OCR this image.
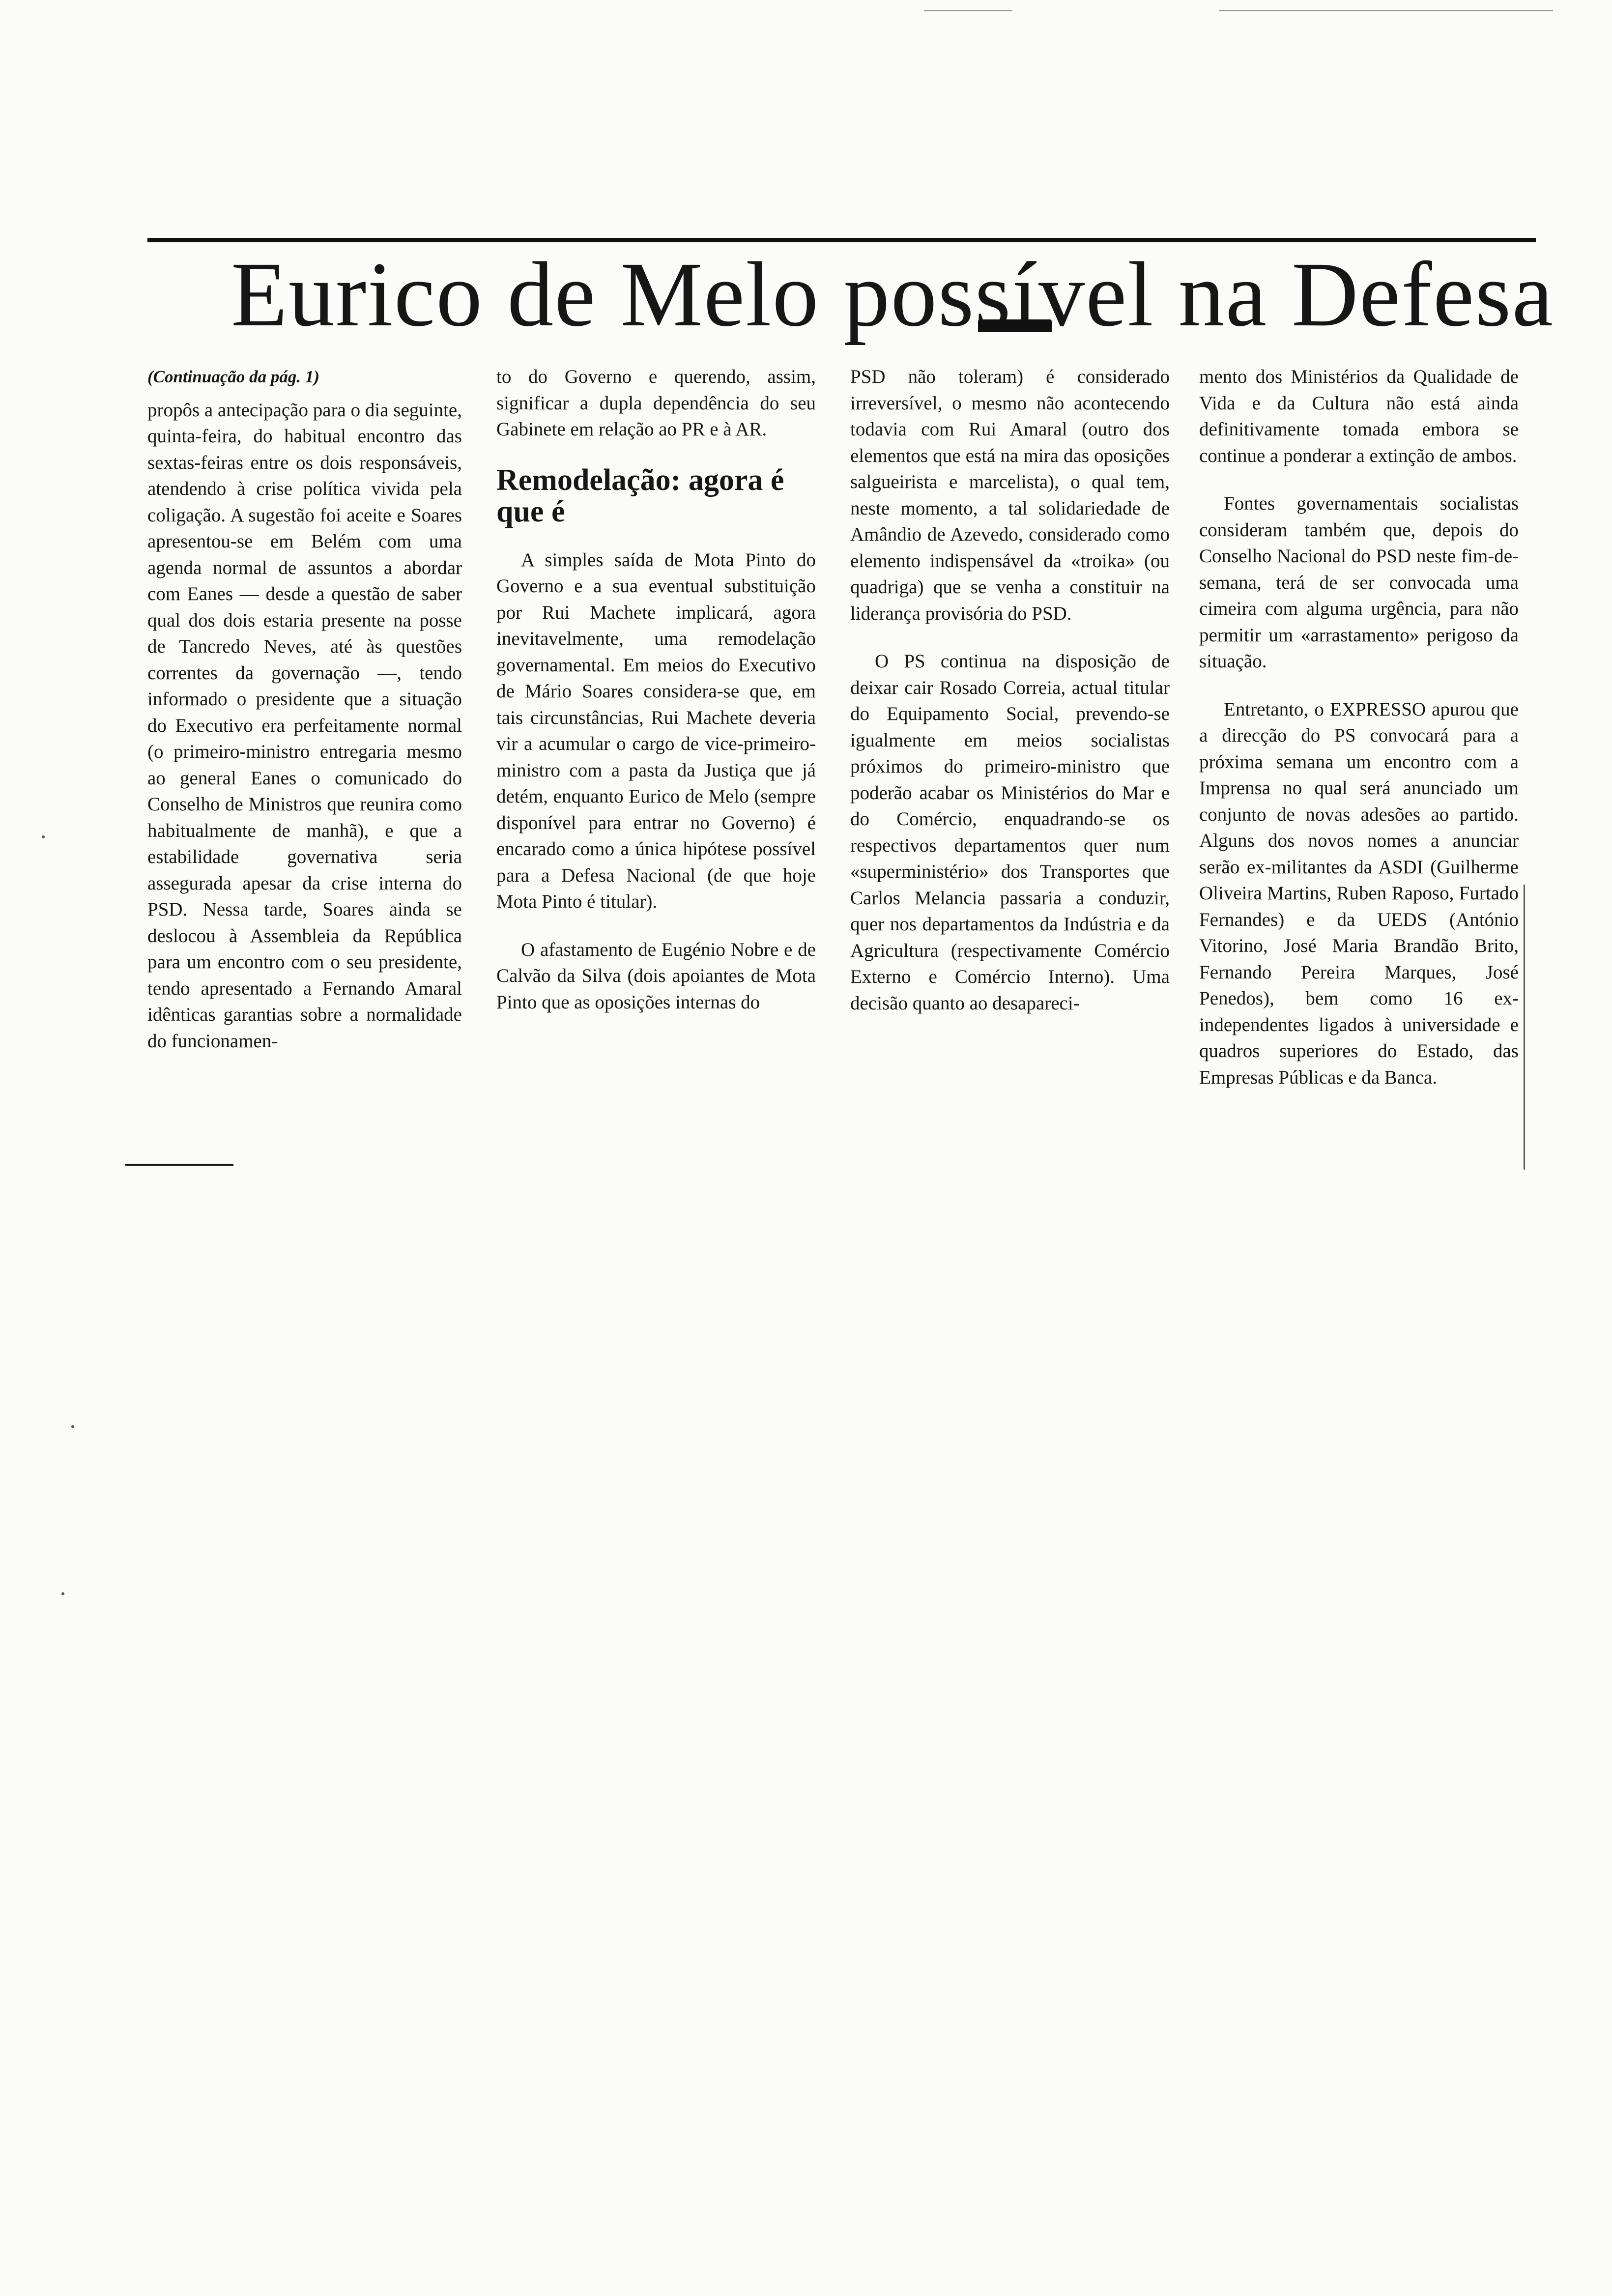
Eurico de Melo possível na Defesa
(Continuação da pág. 1)

propôs a antecipação para o dia seguinte, quinta-feira, do habitual encontro das sextas-feiras entre os dois responsáveis, atendendo à crise política vivida pela coligação. A sugestão foi aceite e Soares apresentou-se em Belém com uma agenda normal de assuntos a abordar com Eanes — desde a questão de saber qual dos dois estaria presente na posse de Tancredo Neves, até às questões correntes da governação —, tendo informado o presidente que a situação do Executivo era perfeitamente normal (o primeiro-ministro entregaria mesmo ao general Eanes o comunicado do Conselho de Ministros que reunira como habitualmente de manhã), e que a estabilidade governativa seria assegurada apesar da crise interna do PSD. Nessa tarde, Soares ainda se deslocou à Assembleia da República para um encontro com o seu presidente, tendo apresentado a Fernando Amaral idênticas garantias sobre a normalidade do funcionamen-

to do Governo e querendo, assim, significar a dupla dependência do seu Gabinete em relação ao PR e à AR.

Remodelação: agora é que é

A simples saída de Mota Pinto do Governo e a sua eventual substituição por Rui Machete implicará, agora inevitavelmente, uma remodelação governamental. Em meios do Executivo de Mário Soares considera-se que, em tais circunstâncias, Rui Machete deveria vir a acumular o cargo de vice-primeiro-ministro com a pasta da Justiça que já detém, enquanto Eurico de Melo (sempre disponível para entrar no Governo) é encarado como a única hipótese possível para a Defesa Nacional (de que hoje Mota Pinto é titular).

O afastamento de Eugénio Nobre e de Calvão da Silva (dois apoiantes de Mota Pinto que as oposições internas do

PSD não toleram) é considerado irreversível, o mesmo não acontecendo todavia com Rui Amaral (outro dos elementos que está na mira das oposições salgueirista e marcelista), o qual tem, neste momento, a tal solidariedade de Amândio de Azevedo, considerado como elemento indispensável da «troika» (ou quadriga) que se venha a constituir na liderança provisória do PSD.

O PS continua na disposição de deixar cair Rosado Correia, actual titular do Equipamento Social, prevendo-se igualmente em meios socialistas próximos do primeiro-ministro que poderão acabar os Ministérios do Mar e do Comércio, enquadrando-se os respectivos departamentos quer num «superministério» dos Transportes que Carlos Melancia passaria a conduzir, quer nos departamentos da Indústria e da Agricultura (respectivamente Comércio Externo e Comércio Interno). Uma decisão quanto ao desapareci-

mento dos Ministérios da Qualidade de Vida e da Cultura não está ainda definitivamente tomada embora se continue a ponderar a extinção de ambos.

Fontes governamentais socialistas consideram também que, depois do Conselho Nacional do PSD neste fim-de-semana, terá de ser convocada uma cimeira com alguma urgência, para não permitir um «arrastamento» perigoso da situação.

Entretanto, o EXPRESSO apurou que a direcção do PS convocará para a próxima semana um encontro com a Imprensa no qual será anunciado um conjunto de novas adesões ao partido. Alguns dos novos nomes a anunciar serão ex-militantes da ASDI (Guilherme Oliveira Martins, Ruben Raposo, Furtado Fernandes) e da UEDS (António Vitorino, José Maria Brandão Brito, Fernando Pereira Marques, José Penedos), bem como 16 ex-independentes ligados à universidade e quadros superiores do Estado, das Empresas Públicas e da Banca.
